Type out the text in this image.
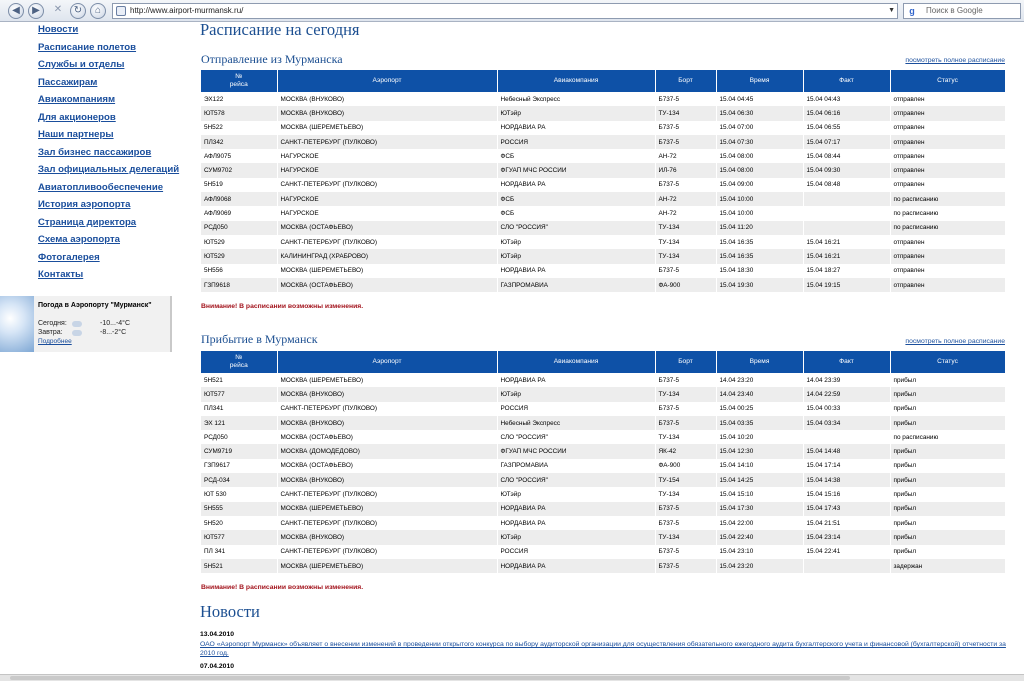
◀	▶	✕	↻	⌂	http://www.airport-murmansk.ru/	▼	g	Поиск в Google
Новости
Расписание полетов
Службы и отделы
Пассажирам
Авиакомпаниям
Для акционеров
Наши партнеры
Зал бизнес пассажиров
Зал официальных делегаций
Авиатопливообеспечение
История аэропорта
Страница директора
Схема аэропорта
Фотогалерея
Контакты
Погода в Аэропорту "Мурманск"
Сегодня:	-10...-4°C
Завтра:	-8...-2°C
Подробнее
Расписание на сегодня
Отправление из Мурманска	посмотреть полное расписание
№
рейса	Аэропорт	Авиакомпания	Борт	Время	Факт	Статус
ЭХ122	МОСКВА (ВНУКОВО)	Небесный Экспресс	Б737-5	15.04 04:45	15.04 04:43	отправлен
ЮТ578	МОСКВА (ВНУКОВО)	ЮТэйр	ТУ-134	15.04 06:30	15.04 06:16	отправлен
5Н522	МОСКВА (ШЕРЕМЕТЬЕВО)	НОРДАВИА РА	Б737-5	15.04 07:00	15.04 06:55	отправлен
ПЛ342	САНКТ-ПЕТЕРБУРГ (ПУЛКОВО)	РОССИЯ	Б737-5	15.04 07:30	15.04 07:17	отправлен
АФЛ9075	НАГУРСКОЕ	ФСБ	АН-72	15.04 08:00	15.04 08:44	отправлен
СУМ9702	НАГУРСКОЕ	ФГУАП МЧС РОССИИ	ИЛ-76	15.04 08:00	15.04 09:30	отправлен
5Н519	САНКТ-ПЕТЕРБУРГ (ПУЛКОВО)	НОРДАВИА РА	Б737-5	15.04 09:00	15.04 08:48	отправлен
АФЛ9068	НАГУРСКОЕ	ФСБ	АН-72	15.04 10:00		по расписанию
АФЛ9069	НАГУРСКОЕ	ФСБ	АН-72	15.04 10:00		по расписанию
РСД050	МОСКВА (ОСТАФЬЕВО)	СЛО "РОССИЯ"	ТУ-134	15.04 11:20		по расписанию
ЮТ529	САНКТ-ПЕТЕРБУРГ (ПУЛКОВО)	ЮТэйр	ТУ-134	15.04 16:35	15.04 16:21	отправлен
ЮТ529	КАЛИНИНГРАД (ХРАБРОВО)	ЮТэйр	ТУ-134	15.04 16:35	15.04 16:21	отправлен
5Н556	МОСКВА (ШЕРЕМЕТЬЕВО)	НОРДАВИА РА	Б737-5	15.04 18:30	15.04 18:27	отправлен
ГЗП9618	МОСКВА (ОСТАФЬЕВО)	ГАЗПРОМАВИА	ФА-900	15.04 19:30	15.04 19:15	отправлен
Внимание! В расписании возможны изменения.
Прибытие в Мурманск	посмотреть полное расписание
№
рейса	Аэропорт	Авиакомпания	Борт	Время	Факт	Статус
5Н521	МОСКВА (ШЕРЕМЕТЬЕВО)	НОРДАВИА РА	Б737-5	14.04 23:20	14.04 23:39	прибыл
ЮТ577	МОСКВА (ВНУКОВО)	ЮТэйр	ТУ-134	14.04 23:40	14.04 22:59	прибыл
ПЛ341	САНКТ-ПЕТЕРБУРГ (ПУЛКОВО)	РОССИЯ	Б737-5	15.04 00:25	15.04 00:33	прибыл
ЭХ 121	МОСКВА (ВНУКОВО)	Небесный Экспресс	Б737-5	15.04 03:35	15.04 03:34	прибыл
РСД050	МОСКВА (ОСТАФЬЕВО)	СЛО "РОССИЯ"	ТУ-134	15.04 10:20		по расписанию
СУМ9719	МОСКВА (ДОМОДЕДОВО)	ФГУАП МЧС РОССИИ	ЯК-42	15.04 12:30	15.04 14:48	прибыл
ГЗП9617	МОСКВА (ОСТАФЬЕВО)	ГАЗПРОМАВИА	ФА-900	15.04 14:10	15.04 17:14	прибыл
РСД-034	МОСКВА (ВНУКОВО)	СЛО "РОССИЯ"	ТУ-154	15.04 14:25	15.04 14:38	прибыл
ЮТ 530	САНКТ-ПЕТЕРБУРГ (ПУЛКОВО)	ЮТэйр	ТУ-134	15.04 15:10	15.04 15:16	прибыл
5Н555	МОСКВА (ШЕРЕМЕТЬЕВО)	НОРДАВИА РА	Б737-5	15.04 17:30	15.04 17:43	прибыл
5Н520	САНКТ-ПЕТЕРБУРГ (ПУЛКОВО)	НОРДАВИА РА	Б737-5	15.04 22:00	15.04 21:51	прибыл
ЮТ577	МОСКВА (ВНУКОВО)	ЮТэйр	ТУ-134	15.04 22:40	15.04 23:14	прибыл
ПЛ 341	САНКТ-ПЕТЕРБУРГ (ПУЛКОВО)	РОССИЯ	Б737-5	15.04 23:10	15.04 22:41	прибыл
5Н521	МОСКВА (ШЕРЕМЕТЬЕВО)	НОРДАВИА РА	Б737-5	15.04 23:20		задержан
Внимание! В расписании возможны изменения.
Новости
13.04.2010
ОАО «Аэропорт Мурманск» объявляет о внесении изменений в проведении открытого конкурса по выбору аудиторской организации для осуществления обязательного ежегодного аудита бухгалтерского учета и финансовой (бухгалтерской) отчетности за 2010 год.
07.04.2010
